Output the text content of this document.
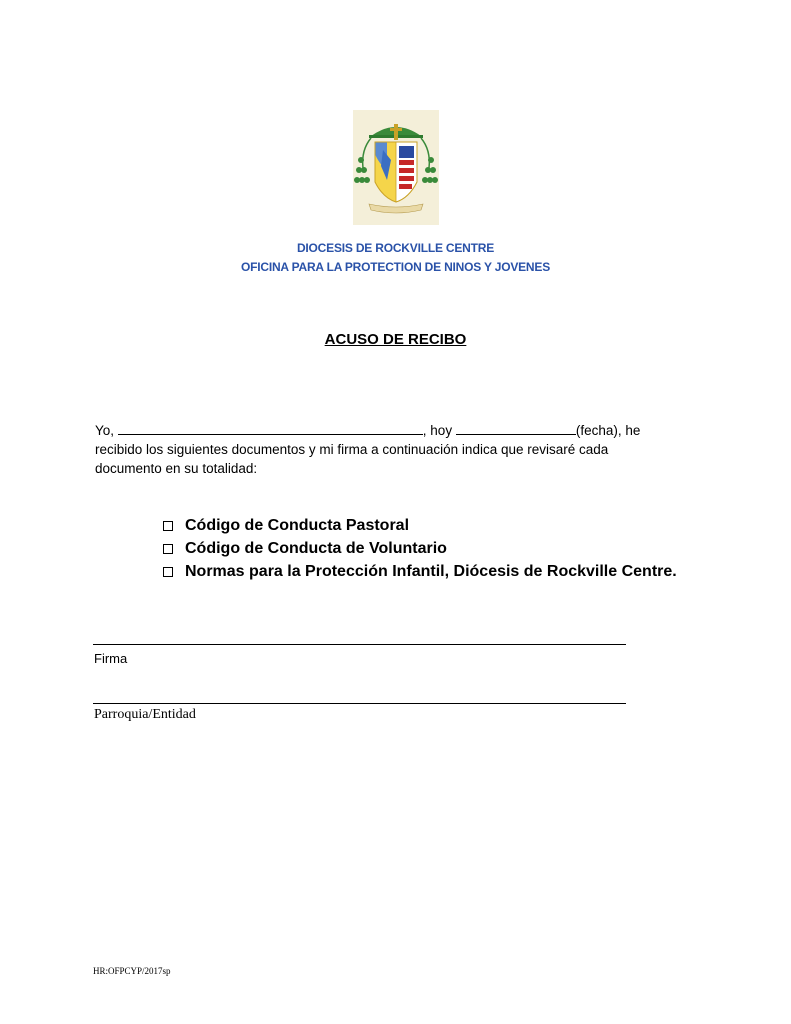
DIOCESIS DE ROCKVILLE CENTRE
OFICINA PARA LA PROTECTION DE NINOS Y JOVENES
ACUSO DE RECIBO
Yo,	, hoy	(fecha), he recibido los siguientes documentos y mi firma a continuación indica que revisaré cada documento en su totalidad:
Código de Conducta Pastoral
Código de Conducta de Voluntario
Normas para la Protección Infantil, Diócesis de Rockville Centre.
Firma
Parroquia/Entidad
HR:OFPCYP/2017sp
